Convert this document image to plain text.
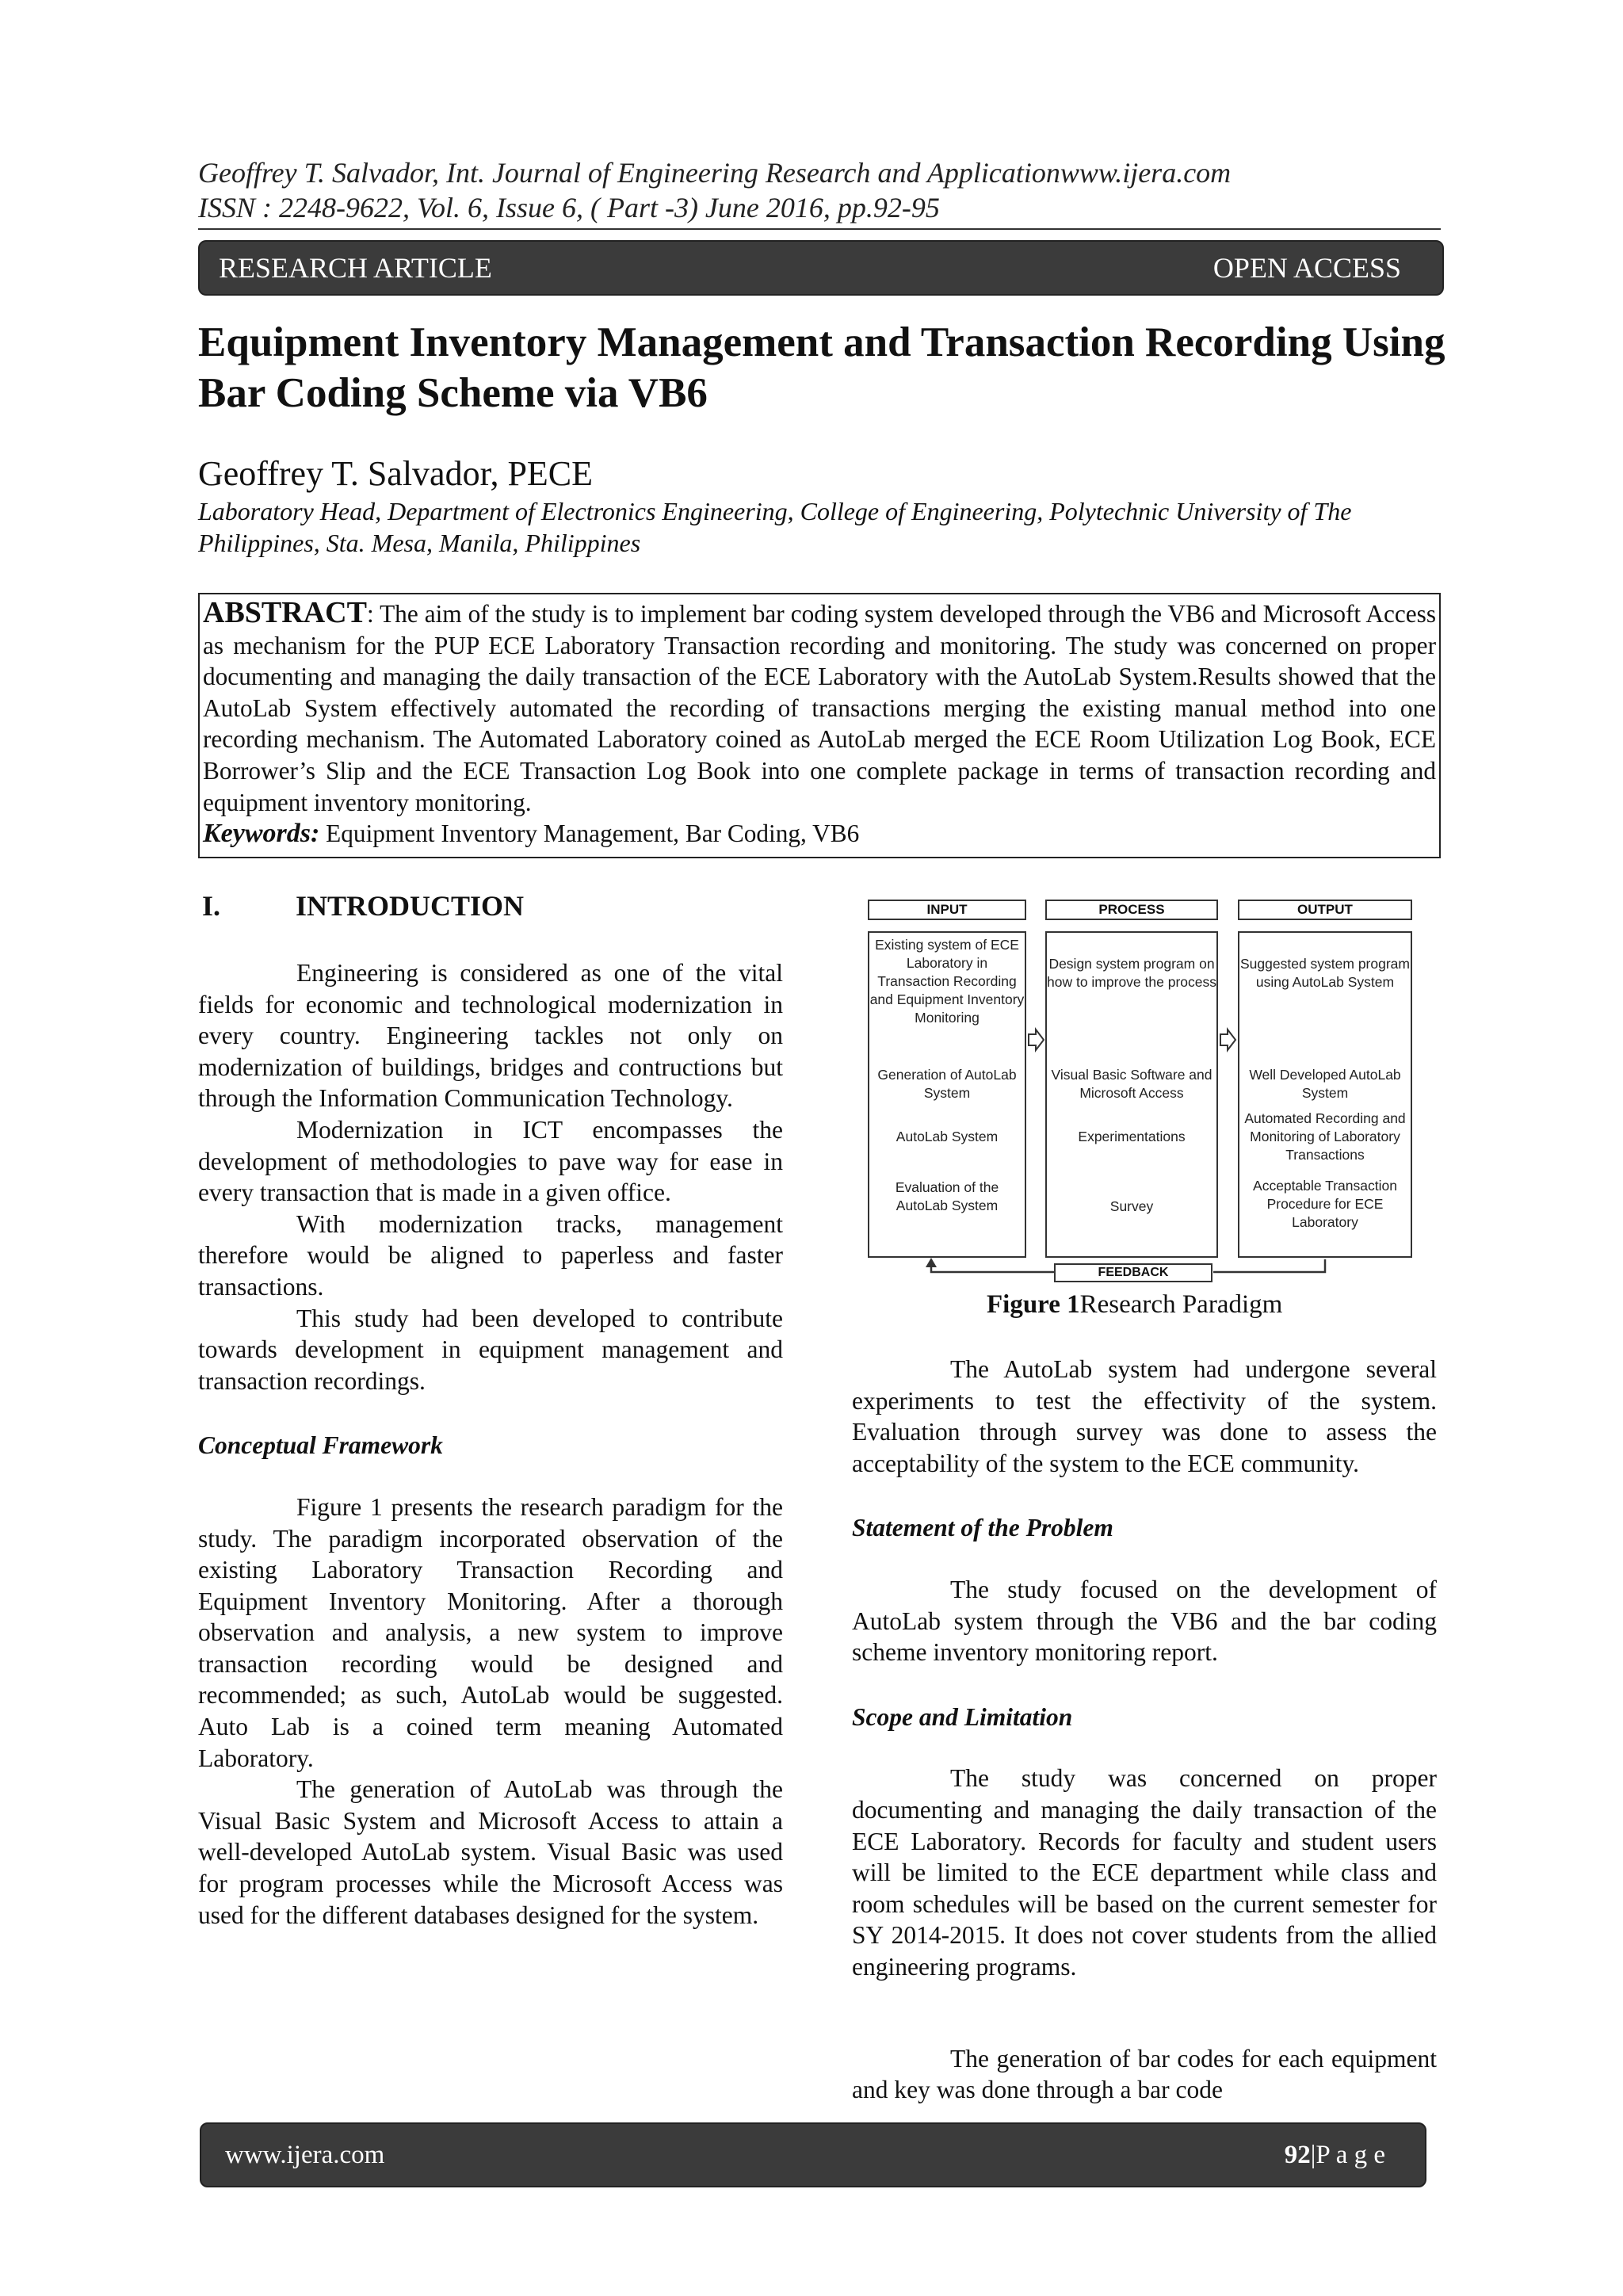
Geoffrey T. Salvador, Int. Journal of Engineering Research and Applicationwww.ijera.com
ISSN : 2248-9622, Vol. 6, Issue 6, ( Part -3) June 2016, pp.92-95
RESEARCH ARTICLE	OPEN ACCESS
Equipment Inventory Management and Transaction Recording Using Bar Coding Scheme via VB6
Geoffrey T. Salvador, PECE
Laboratory Head, Department of Electronics Engineering, College of Engineering, Polytechnic University of The Philippines, Sta. Mesa, Manila, Philippines
ABSTRACT: The aim of the study is to implement bar coding system developed through the VB6 and Microsoft Access as mechanism for the PUP ECE Laboratory Transaction recording and monitoring. The study was concerned on proper documenting and managing the daily transaction of the ECE Laboratory with the AutoLab System.Results showed that the AutoLab System effectively automated the recording of transactions merging the existing manual method into one recording mechanism. The Automated Laboratory coined as AutoLab merged the ECE Room Utilization Log Book, ECE Borrower’s Slip and the ECE Transaction Log Book into one complete package in terms of transaction recording and equipment inventory monitoring.
Keywords: Equipment Inventory Management, Bar Coding, VB6
I.	INTRODUCTION

Engineering is considered as one of the vital fields for economic and technological modernization in every country. Engineering tackles not only on modernization of buildings, bridges and contructions but through the Information Communication Technology.

Modernization in ICT encompasses the development of methodologies to pave way for ease in every transaction that is made in a given office.

With modernization tracks, management therefore would be aligned to paperless and faster transactions.

This study had been developed to contribute towards development in equipment management and transaction recordings.

Conceptual Framework

Figure 1 presents the research paradigm for the study. The paradigm incorporated observation of the existing Laboratory Transaction Recording and Equipment Inventory Monitoring. After a thorough observation and analysis, a new system to improve transaction recording would be designed and recommended; as such, AutoLab would be suggested. Auto Lab is a coined term meaning Automated Laboratory.

The generation of AutoLab was through the Visual Basic System and Microsoft Access to attain a well-developed AutoLab system. Visual Basic was used for program processes while the Microsoft Access was used for the different databases designed for the system.

INPUT	PROCESS	OUTPUT
Existing system of ECE Laboratory in Transaction Recording and Equipment Inventory Monitoring
Generation of AutoLab System
AutoLab System
Evaluation of the AutoLab System
Design system program on how to improve the process
Visual Basic Software and Microsoft Access
Experimentations
Survey
Suggested system program using AutoLab System
Well Developed AutoLab System
Automated Recording and Monitoring of Laboratory Transactions
Acceptable Transaction Procedure for ECE Laboratory
FEEDBACK
Figure 1Research Paradigm

The AutoLab system had undergone several experiments to test the effectivity of the system. Evaluation through survey was done to assess the acceptability of the system to the ECE community.

Statement of the Problem

The study focused on the development of AutoLab system through the VB6 and the bar coding scheme inventory monitoring report.

Scope and Limitation

The study was concerned on proper documenting and managing the daily transaction of the ECE Laboratory. Records for faculty and student users will be limited to the ECE department while class and room schedules will be based on the current semester for SY 2014-2015. It does not cover students from the allied engineering programs.

The generation of bar codes for each equipment and key was done through a bar code

www.ijera.com	92|P a g e
